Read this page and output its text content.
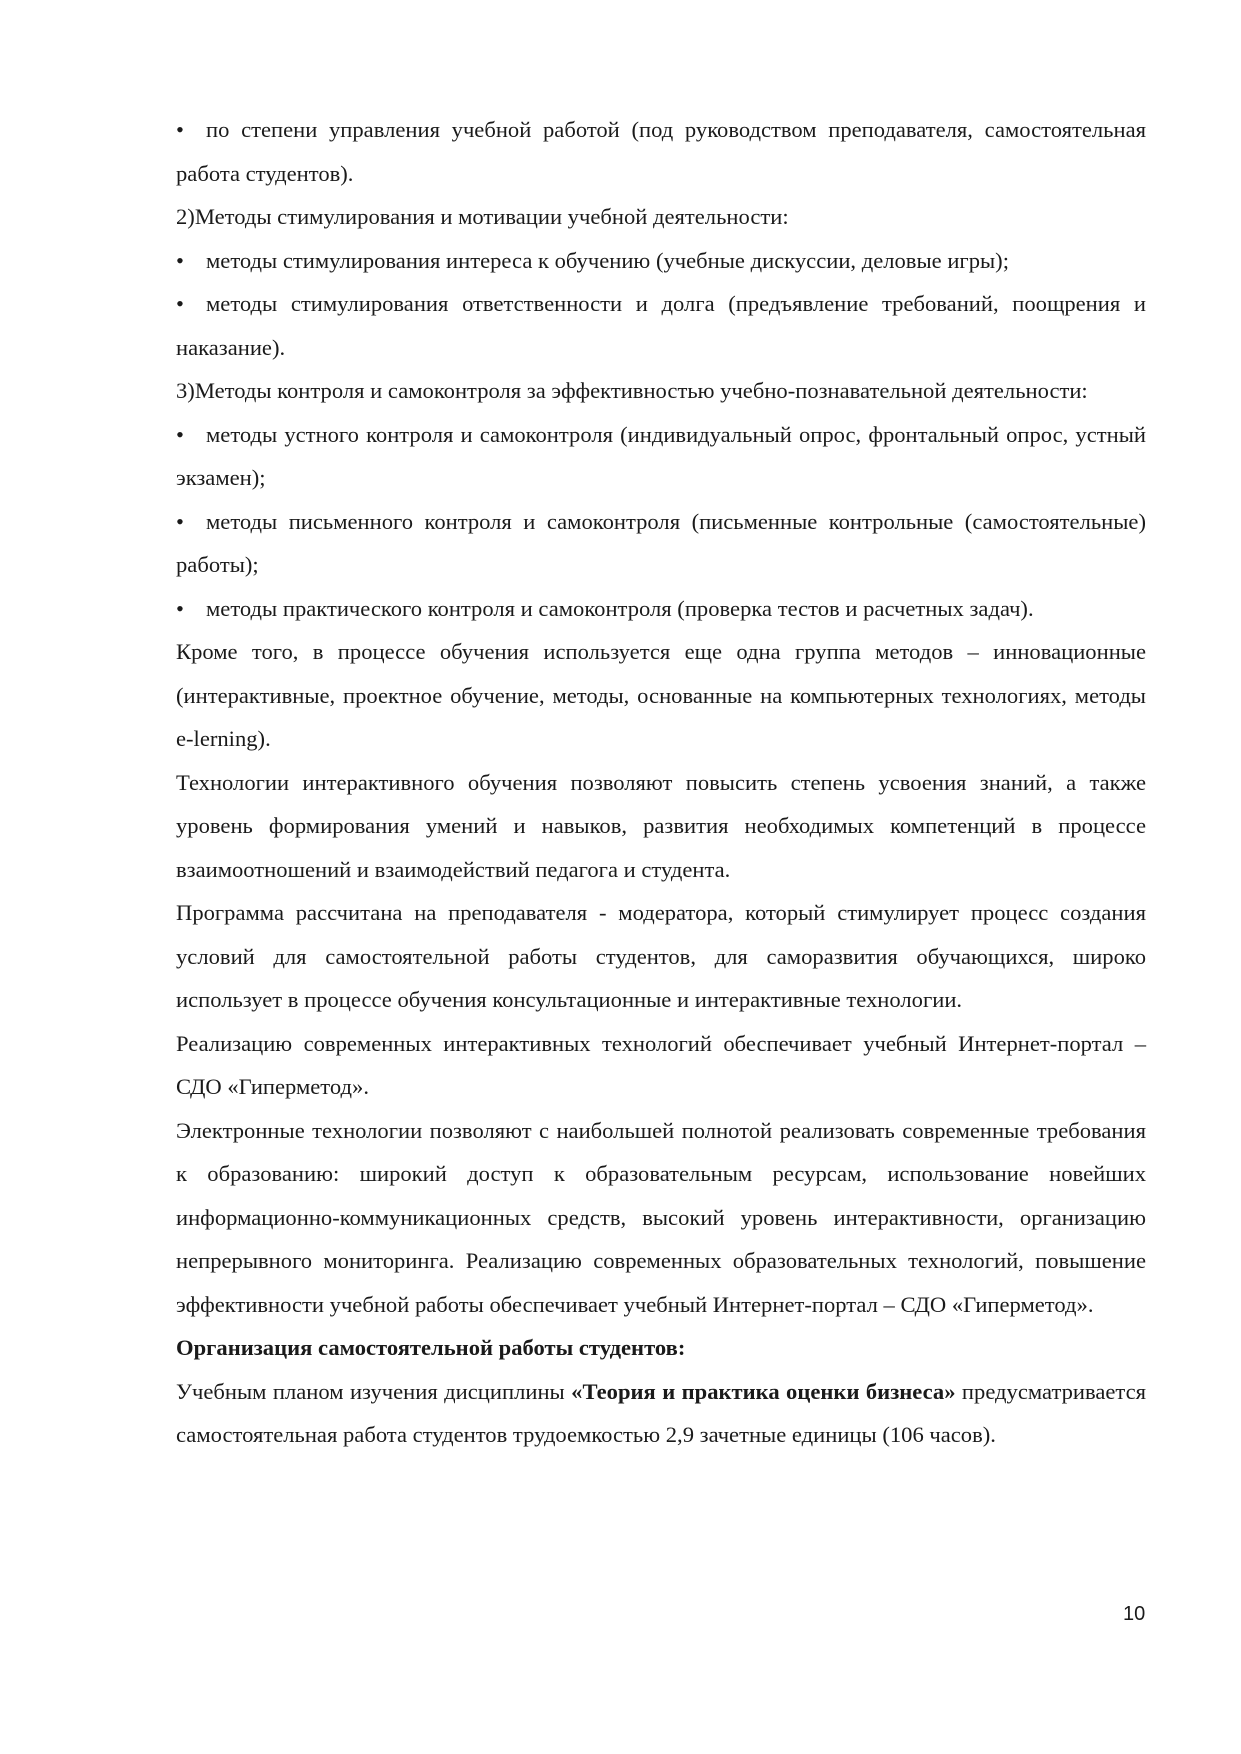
• по степени управления учебной работой (под руководством преподавателя, самостоятельная работа студентов).

2)Методы стимулирования и мотивации учебной деятельности:

• методы стимулирования интереса к обучению (учебные дискуссии, деловые игры);

• методы стимулирования ответственности и долга (предъявление требований, поощрения и наказание).

3)Методы контроля и самоконтроля за эффективностью учебно-познавательной деятельности:

• методы устного контроля и самоконтроля (индивидуальный опрос, фронтальный опрос, устный экзамен);

• методы письменного контроля и самоконтроля (письменные контрольные (самостоятельные) работы);

• методы практического контроля и самоконтроля (проверка тестов и расчетных задач).

Кроме того, в процессе обучения используется еще одна группа методов – инновационные (интерактивные, проектное обучение, методы, основанные на компьютерных технологиях, методы e-lerning).

Технологии интерактивного обучения позволяют повысить степень усвоения знаний, а также уровень формирования умений и навыков, развития необходимых компетенций в процессе взаимоотношений и взаимодействий педагога и студента.

Программа рассчитана на преподавателя - модератора, который стимулирует процесс создания условий для самостоятельной работы студентов, для саморазвития обучающихся, широко использует в процессе обучения консультационные и интерактивные технологии.

Реализацию современных интерактивных технологий обеспечивает учебный Интернет-портал – СДО «Гиперметод».

Электронные технологии позволяют с наибольшей полнотой реализовать современные требования к образованию: широкий доступ к образовательным ресурсам, использование новейших информационно-коммуникационных средств, высокий уровень интерактивности, организацию непрерывного мониторинга. Реализацию современных образовательных технологий, повышение эффективности учебной работы обеспечивает учебный Интернет-портал – СДО «Гиперметод».

Организация самостоятельной работы студентов:

Учебным планом изучения дисциплины «Теория и практика оценки бизнеса» предусматривается самостоятельная работа студентов трудоемкостью 2,9 зачетные единицы (106 часов).

10
